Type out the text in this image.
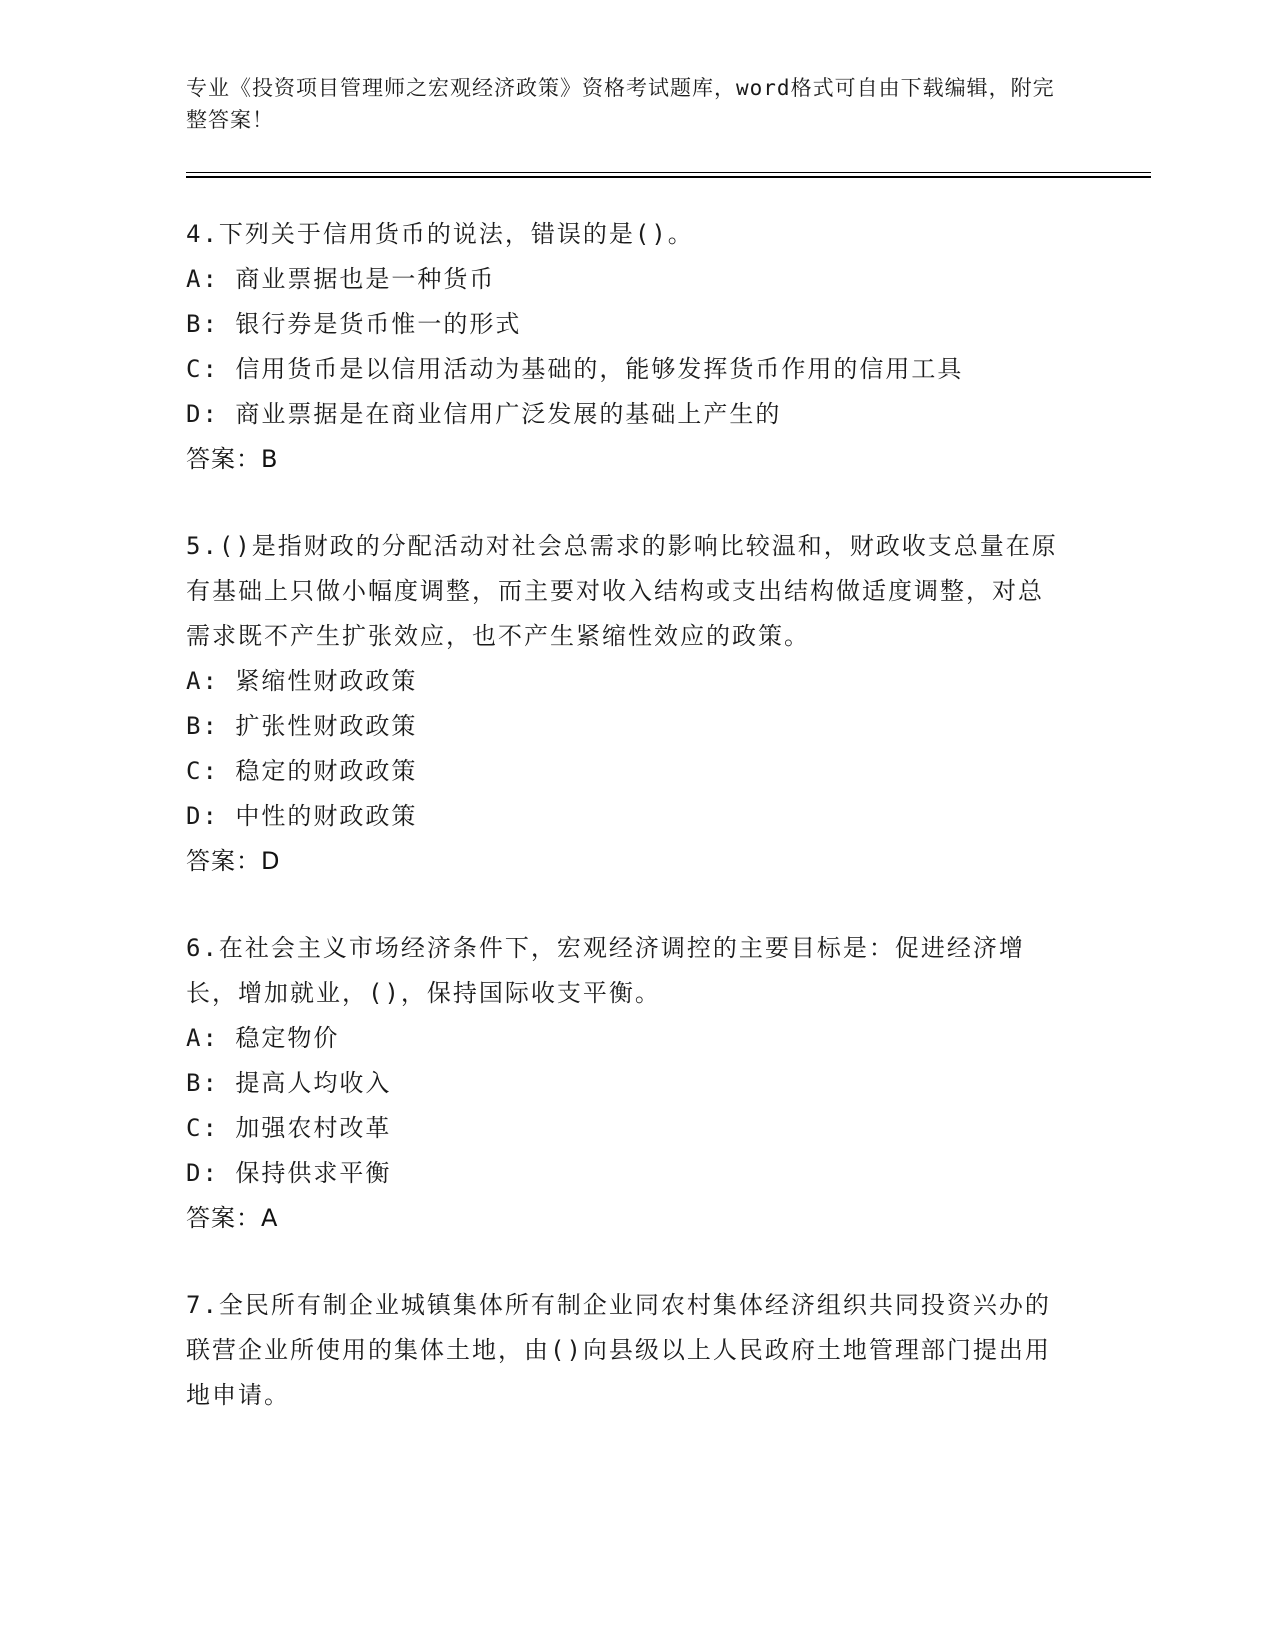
专业《投资项目管理师之宏观经济政策》资格考试题库，word格式可自由下载编辑，附完整答案！
4.下列关于信用货币的说法，错误的是()。
A: 商业票据也是一种货币
B: 银行券是货币惟一的形式
C: 信用货币是以信用活动为基础的，能够发挥货币作用的信用工具
D: 商业票据是在商业信用广泛发展的基础上产生的
答案：B
5.()是指财政的分配活动对社会总需求的影响比较温和，财政收支总量在原有基础上只做小幅度调整，而主要对收入结构或支出结构做适度调整，对总需求既不产生扩张效应，也不产生紧缩性效应的政策。
A: 紧缩性财政政策
B: 扩张性财政政策
C: 稳定的财政政策
D: 中性的财政政策
答案：D
6.在社会主义市场经济条件下，宏观经济调控的主要目标是：促进经济增长，增加就业，()，保持国际收支平衡。
A: 稳定物价
B: 提高人均收入
C: 加强农村改革
D: 保持供求平衡
答案：A
7.全民所有制企业城镇集体所有制企业同农村集体经济组织共同投资兴办的联营企业所使用的集体土地，由()向县级以上人民政府土地管理部门提出用地申请。
